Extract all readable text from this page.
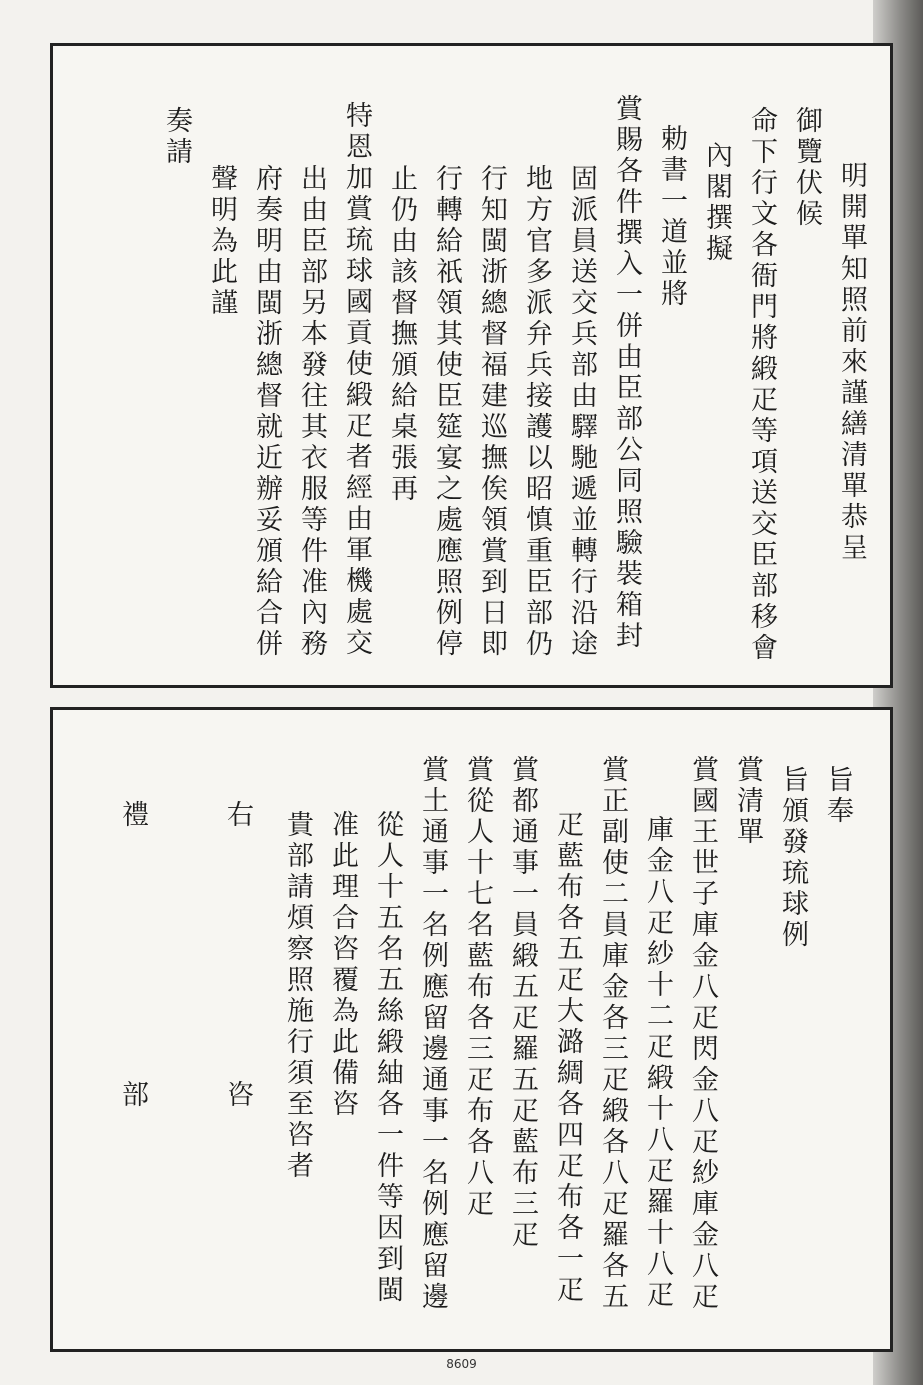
明開單知照前來謹繕清單恭呈
御覽伏候
命下行文各衙門將緞疋等項送交臣部移會
內閣撰擬
勅書一道並將
賞賜各件撰入一併由臣部公同照驗裝箱封
固派員送交兵部由驛馳遞並轉行沿途
地方官多派弁兵接護以昭慎重臣部仍
行知閩浙總督福建巡撫俟領賞到日即
行轉給祇領其使臣筵宴之處應照例停
止仍由該督撫頒給桌張再
特恩加賞琉球國貢使緞疋者經由軍機處交
出由臣部另本發往其衣服等件准內務
府奏明由閩浙總督就近辦妥頒給合併
聲明為此謹
奏請
旨奉
旨頒發琉球例
賞清單
賞國王世子庫金八疋閃金八疋紗庫金八疋
庫金八疋紗十二疋緞十八疋羅十八疋
賞正副使二員庫金各三疋緞各八疋羅各五
疋藍布各五疋大潞綢各四疋布各一疋
賞都通事一員緞五疋羅五疋藍布三疋
賞從人十七名藍布各三疋布各八疋
賞土通事一名例應留邊通事一名例應留邊
從人十五名五絲緞紬各一件等因到閩
准此理合咨覆為此備咨
貴部請煩察照施行須至咨者
右
咨
禮
部
8609
